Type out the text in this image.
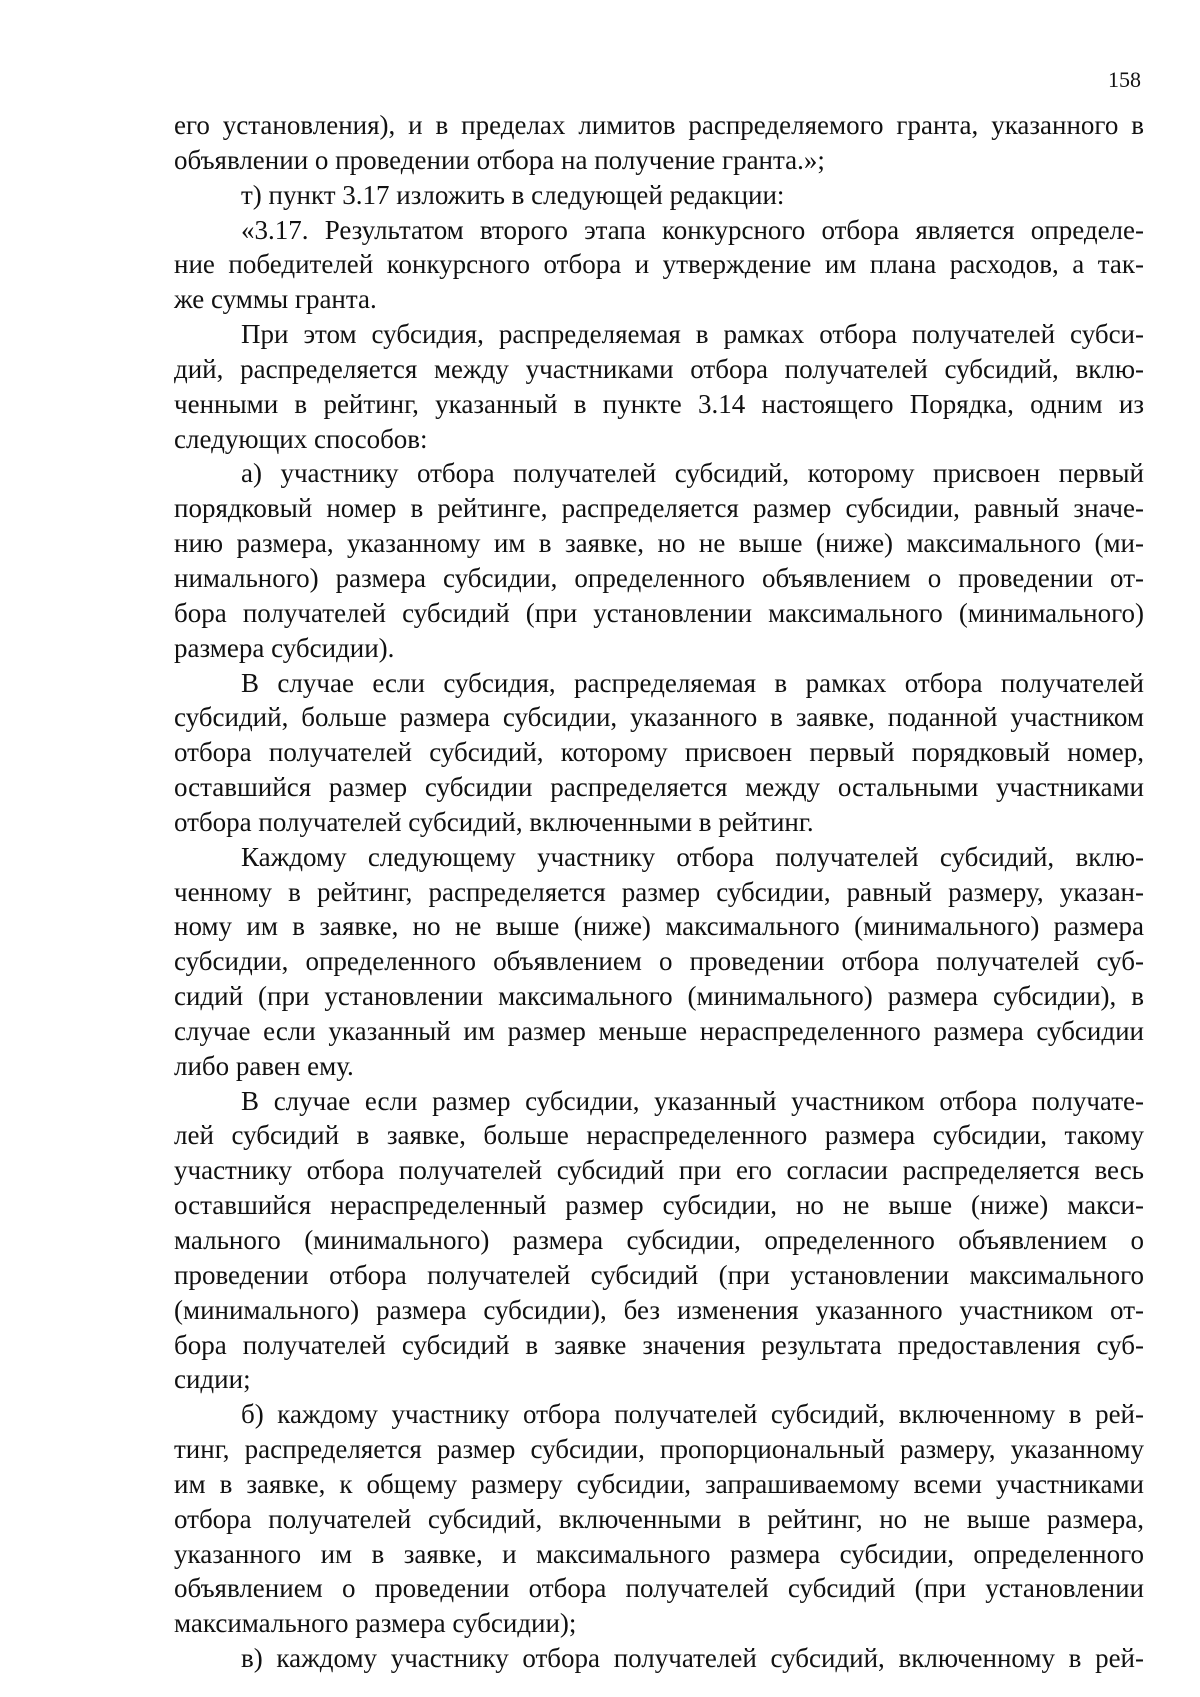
158
его установления), и в пределах лимитов распределяемого гранта, указанного в
объявлении о проведении отбора на получение гранта.»;
т) пункт 3.17 изложить в следующей редакции:
«3.17. Результатом второго этапа конкурсного отбора является определе-
ние победителей конкурсного отбора и утверждение им плана расходов, а так-
же суммы гранта.
При этом субсидия, распределяемая в рамках отбора получателей субси-
дий, распределяется между участниками отбора получателей субсидий, вклю-
ченными в рейтинг, указанный в пункте 3.14 настоящего Порядка, одним из
следующих способов:
а) участнику отбора получателей субсидий, которому присвоен первый
порядковый номер в рейтинге, распределяется размер субсидии, равный значе-
нию размера, указанному им в заявке, но не выше (ниже) максимального (ми-
нимального) размера субсидии, определенного объявлением о проведении от-
бора получателей субсидий (при установлении максимального (минимального)
размера субсидии).
В случае если субсидия, распределяемая в рамках отбора получателей
субсидий, больше размера субсидии, указанного в заявке, поданной участником
отбора получателей субсидий, которому присвоен первый порядковый номер,
оставшийся размер субсидии распределяется между остальными участниками
отбора получателей субсидий, включенными в рейтинг.
Каждому следующему участнику отбора получателей субсидий, вклю-
ченному в рейтинг, распределяется размер субсидии, равный размеру, указан-
ному им в заявке, но не выше (ниже) максимального (минимального) размера
субсидии, определенного объявлением о проведении отбора получателей суб-
сидий (при установлении максимального (минимального) размера субсидии), в
случае если указанный им размер меньше нераспределенного размера субсидии
либо равен ему.
В случае если размер субсидии, указанный участником отбора получате-
лей субсидий в заявке, больше нераспределенного размера субсидии, такому
участнику отбора получателей субсидий при его согласии распределяется весь
оставшийся нераспределенный размер субсидии, но не выше (ниже) макси-
мального (минимального) размера субсидии, определенного объявлением о
проведении отбора получателей субсидий (при установлении максимального
(минимального) размера субсидии), без изменения указанного участником от-
бора получателей субсидий в заявке значения результата предоставления суб-
сидии;
б) каждому участнику отбора получателей субсидий, включенному в рей-
тинг, распределяется размер субсидии, пропорциональный размеру, указанному
им в заявке, к общему размеру субсидии, запрашиваемому всеми участниками
отбора получателей субсидий, включенными в рейтинг, но не выше размера,
указанного им в заявке, и максимального размера субсидии, определенного
объявлением о проведении отбора получателей субсидий (при установлении
максимального размера субсидии);
в) каждому участнику отбора получателей субсидий, включенному в рей-
